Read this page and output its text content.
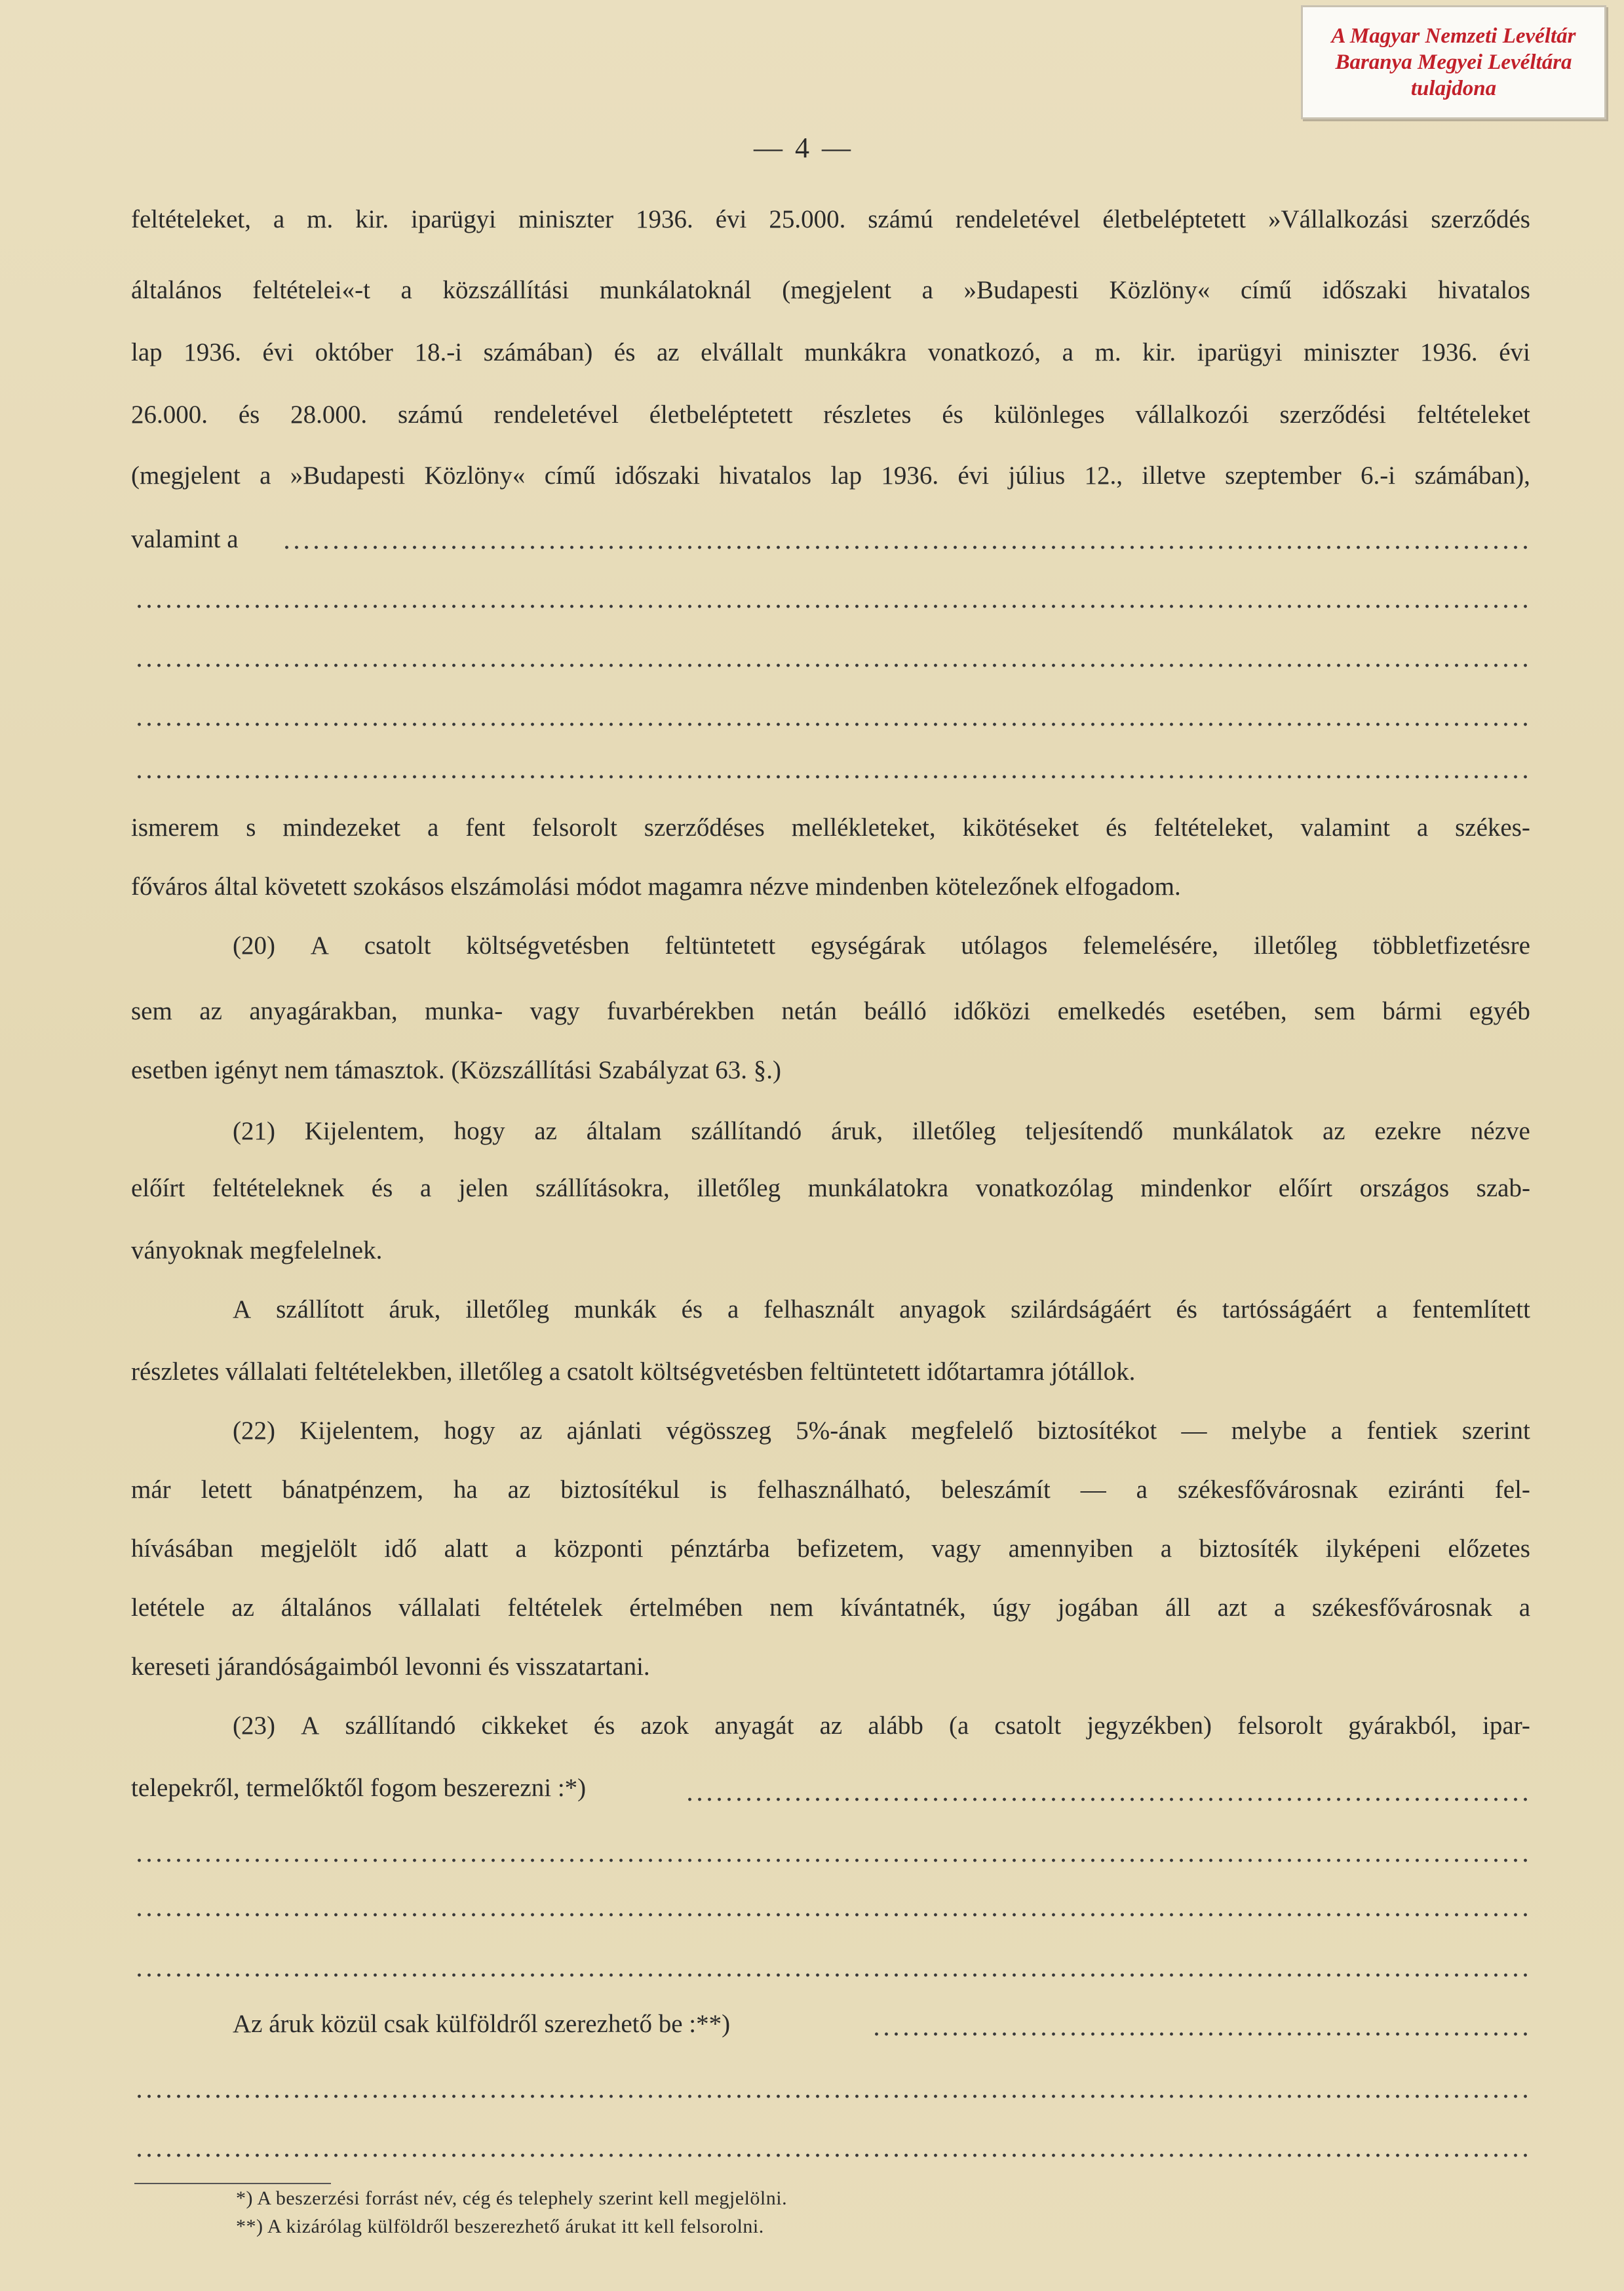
A Magyar Nemzeti Levéltár
Baranya Megyei Levéltára
tulajdona
— 4 —
feltételeket, a m. kir. iparügyi miniszter 1936. évi 25.000. számú rendeletével életbeléptetett »Vállalkozási szerződés
általános feltételei«-t a közszállítási munkálatoknál (megjelent a »Budapesti Közlöny« című időszaki hivatalos
lap 1936. évi október 18.-i számában) és az elvállalt munkákra vonatkozó, a m. kir. iparügyi miniszter 1936. évi
26.000. és 28.000. számú rendeletével életbeléptetett részletes és különleges vállalkozói szerződési feltételeket
(megjelent a »Budapesti Közlöny« című időszaki hivatalos lap 1936. évi július 12., illetve szeptember 6.-i számában),
valamint a
ismerem s mindezeket a fent felsorolt szerződéses mellékleteket, kikötéseket és feltételeket, valamint a székes-
főváros által követett szokásos elszámolási módot magamra nézve mindenben kötelezőnek elfogadom.
(20) A csatolt költségvetésben feltüntetett egységárak utólagos felemelésére, illetőleg többletfizetésre
sem az anyagárakban, munka- vagy fuvarbérekben netán beálló időközi emelkedés esetében, sem bármi egyéb
esetben igényt nem támasztok. (Közszállítási Szabályzat 63. §.)
(21) Kijelentem, hogy az általam szállítandó áruk, illetőleg teljesítendő munkálatok az ezekre nézve
előírt feltételeknek és a jelen szállításokra, illetőleg munkálatokra vonatkozólag mindenkor előírt országos szab-
ványoknak megfelelnek.
A szállított áruk, illetőleg munkák és a felhasznált anyagok szilárdságáért és tartósságáért a fentemlített
részletes vállalati feltételekben, illetőleg a csatolt költségvetésben feltüntetett időtartamra jótállok.
(22) Kijelentem, hogy az ajánlati végösszeg 5%-ának megfelelő biztosítékot — melybe a fentiek szerint
már letett bánatpénzem, ha az biztosítékul is felhasználható, beleszámít — a székesfővárosnak eziránti fel-
hívásában megjelölt idő alatt a központi pénztárba befizetem, vagy amennyiben a biztosíték ilyképeni előzetes
letétele az általános vállalati feltételek értelmében nem kívántatnék, úgy jogában áll azt a székesfővárosnak a
kereseti járandóságaimból levonni és visszatartani.
(23) A szállítandó cikkeket és azok anyagát az alább (a csatolt jegyzékben) felsorolt gyárakból, ipar-
telepekről, termelőktől fogom beszerezni :*)
Az áruk közül csak külföldről szerezhető be :**)
*) A beszerzési forrást név, cég és telephely szerint kell megjelölni.
**) A kizárólag külföldről beszerezhető árukat itt kell felsorolni.
